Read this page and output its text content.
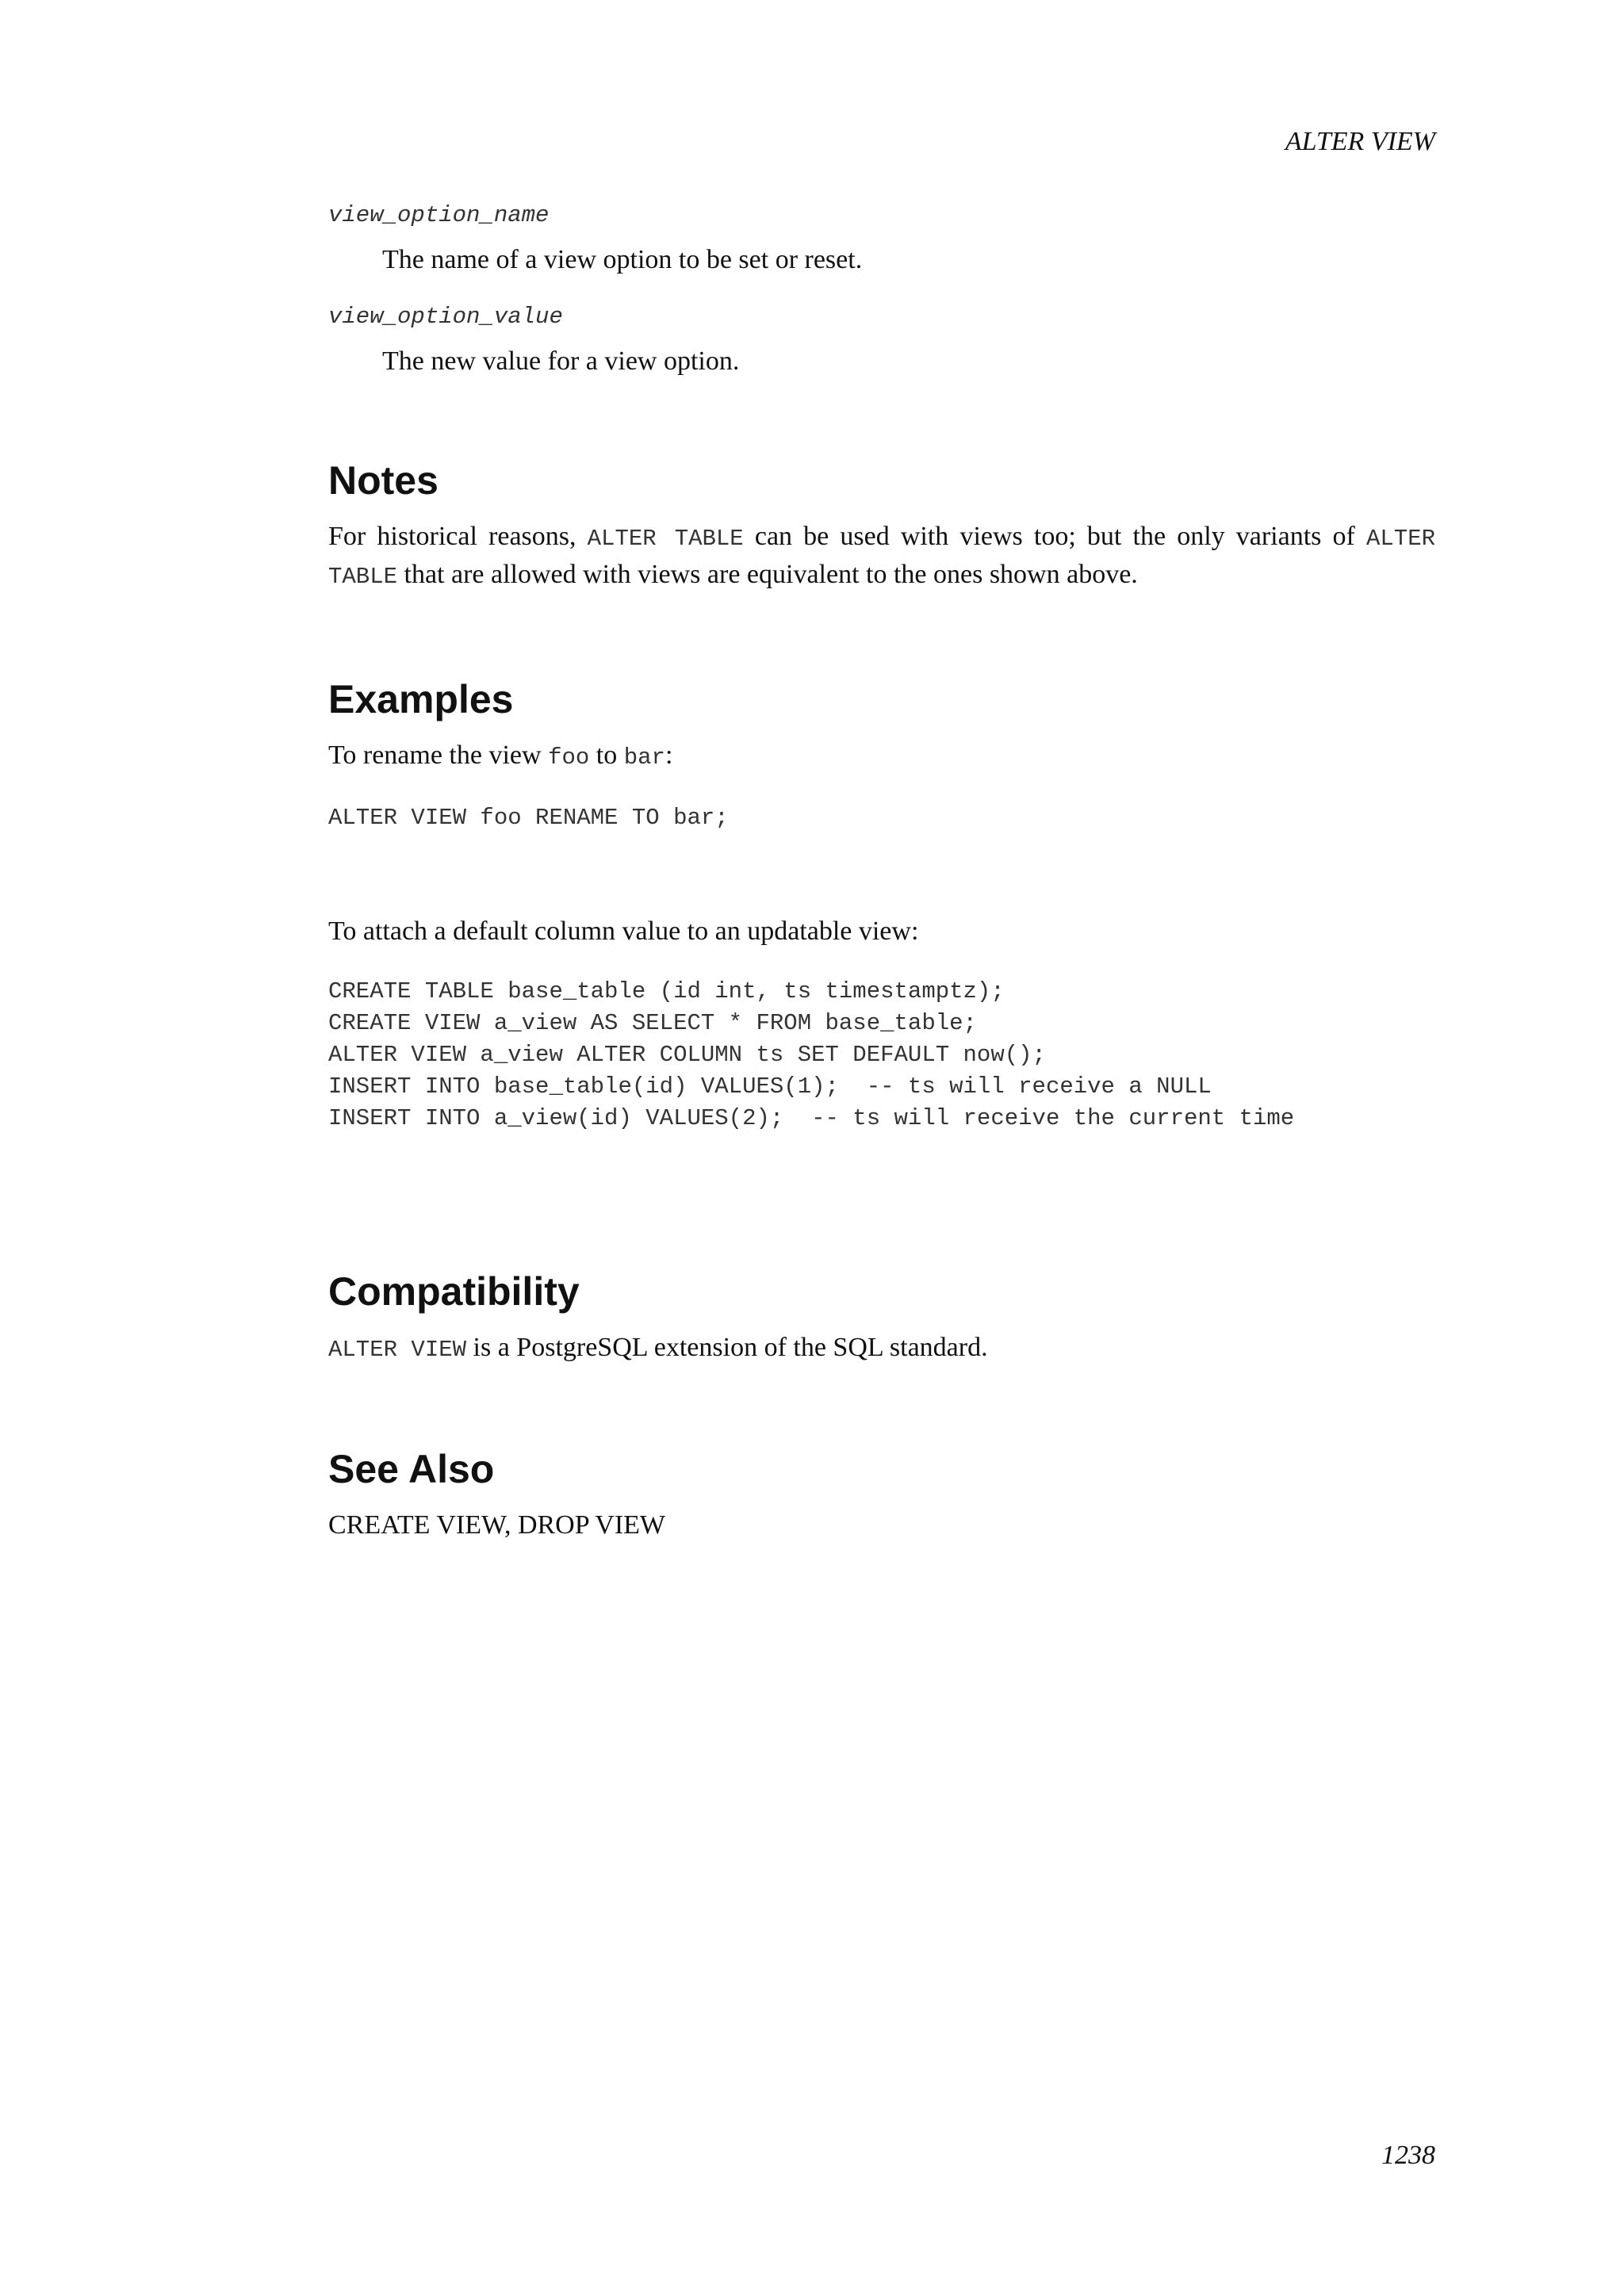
ALTER VIEW

view_option_name

The name of a view option to be set or reset.

view_option_value

The new value for a view option.

Notes

For historical reasons, ALTER TABLE can be used with views too; but the only variants of ALTER TABLE that are allowed with views are equivalent to the ones shown above.

Examples

To rename the view foo to bar:

ALTER VIEW foo RENAME TO bar;

To attach a default column value to an updatable view:

CREATE TABLE base_table (id int, ts timestamptz);
CREATE VIEW a_view AS SELECT * FROM base_table;
ALTER VIEW a_view ALTER COLUMN ts SET DEFAULT now();
INSERT INTO base_table(id) VALUES(1);  -- ts will receive a NULL
INSERT INTO a_view(id) VALUES(2);  -- ts will receive the current time
Compatibility

ALTER VIEW is a PostgreSQL extension of the SQL standard.

See Also

CREATE VIEW, DROP VIEW

1238
